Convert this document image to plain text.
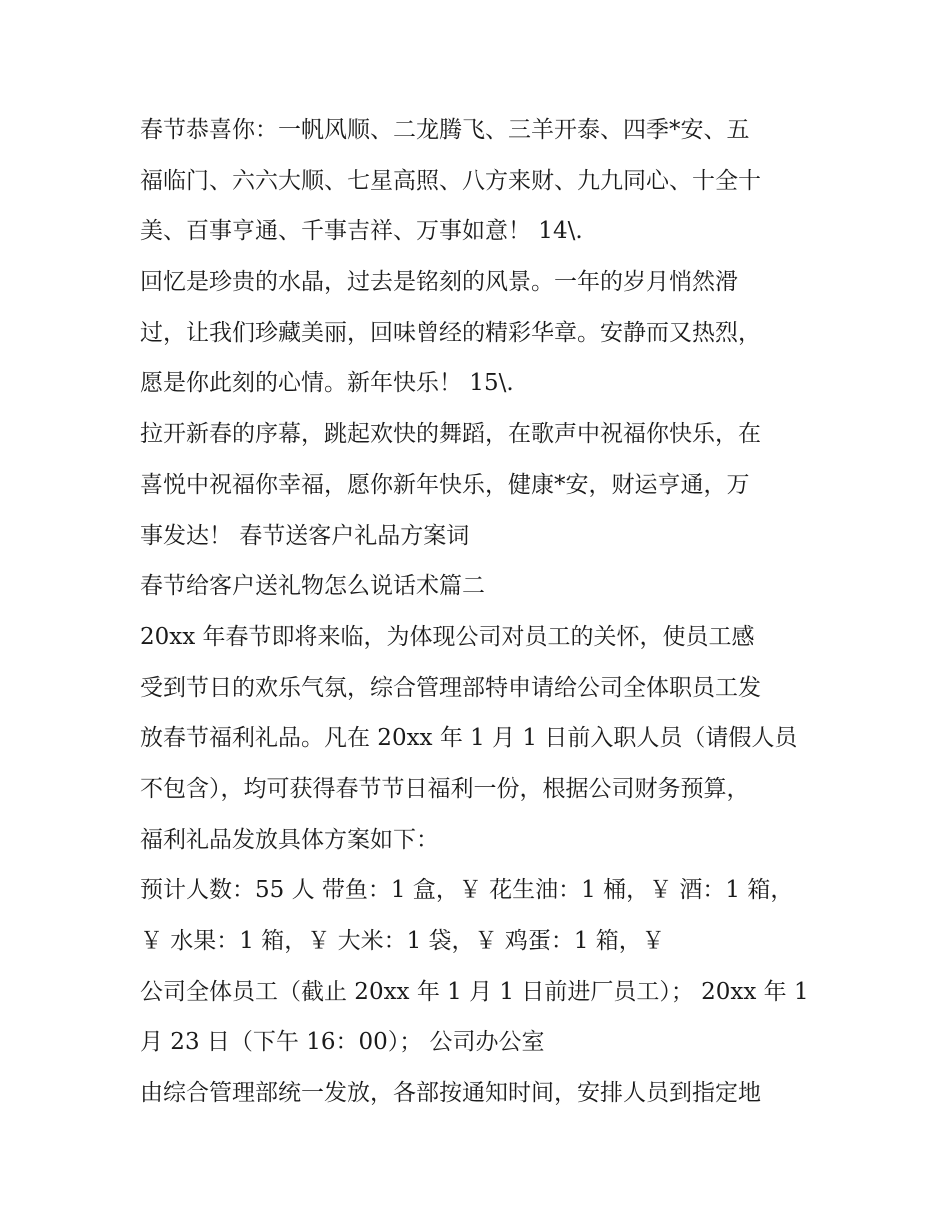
春节恭喜你：一帆风顺、二龙腾飞、三羊开泰、四季*安、五
福临门、六六大顺、七星高照、八方来财、九九同心、十全十
美、百事亨通、千事吉祥、万事如意！ 14\.
回忆是珍贵的水晶，过去是铭刻的风景。一年的岁月悄然滑
过，让我们珍藏美丽，回味曾经的精彩华章。安静而又热烈，
愿是你此刻的心情。新年快乐！ 15\.
拉开新春的序幕，跳起欢快的舞蹈，在歌声中祝福你快乐，在
喜悦中祝福你幸福，愿你新年快乐，健康*安，财运亨通，万
事发达！ 春节送客户礼品方案词
春节给客户送礼物怎么说话术篇二
20xx 年春节即将来临，为体现公司对员工的关怀，使员工感
受到节日的欢乐气氛，综合管理部特申请给公司全体职员工发
放春节福利礼品。凡在 20xx 年 1 月 1 日前入职人员（请假人员
不包含），均可获得春节节日福利一份，根据公司财务预算，
福利礼品发放具体方案如下：
预计人数：55 人 带鱼：1 盒，￥ 花生油：1 桶，￥ 酒：1 箱，
￥ 水果：1 箱，￥ 大米：1 袋，￥ 鸡蛋：1 箱，￥
公司全体员工（截止 20xx 年 1 月 1 日前进厂员工）； 20xx 年 1
月 23 日（下午 16：00）； 公司办公室
由综合管理部统一发放，各部按通知时间，安排人员到指定地
